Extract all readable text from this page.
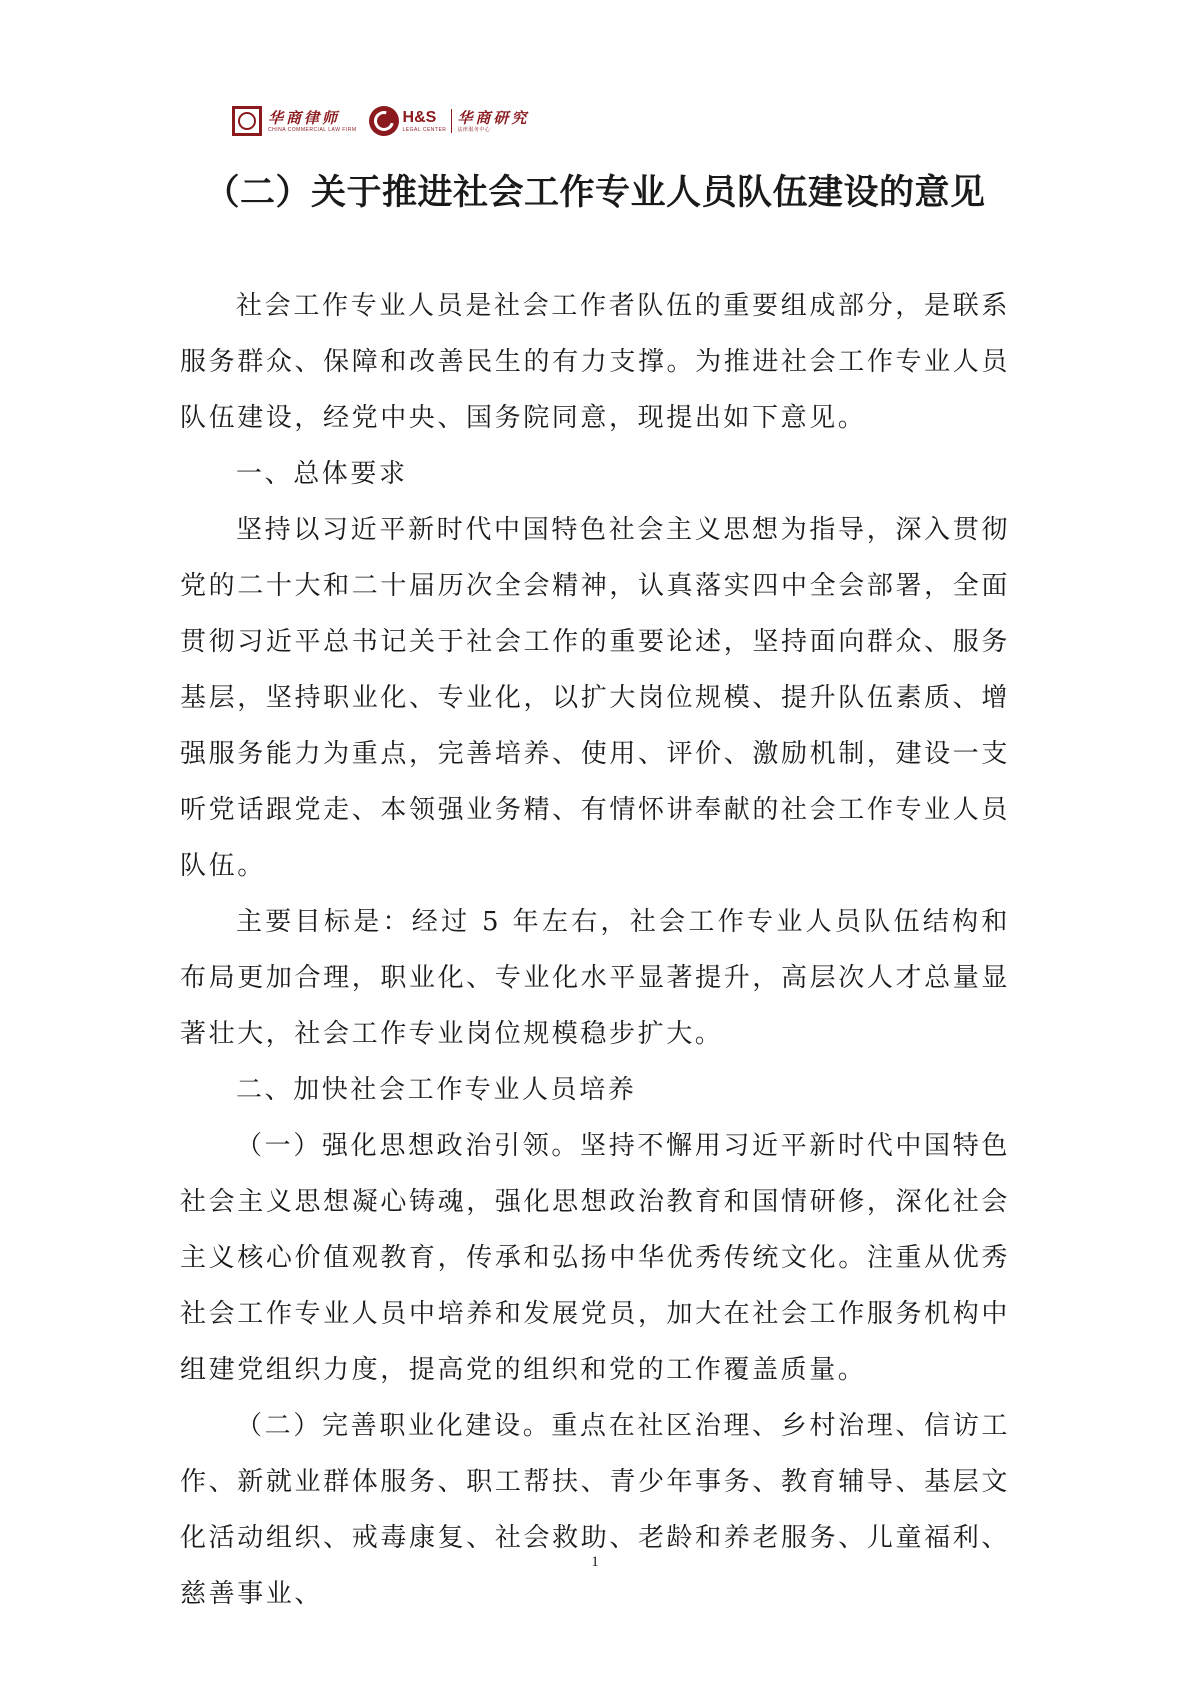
华商律师
CHINA COMMERCIAL LAW FIRM
H&S
LEGAL CENTER
华商研究
法律服务中心
（二）关于推进社会工作专业人员队伍建设的意见

社会工作专业人员是社会工作者队伍的重要组成部分，是联系服务群众、保障和改善民生的有力支撑。为推进社会工作专业人员队伍建设，经党中央、国务院同意，现提出如下意见。

一、总体要求

坚持以习近平新时代中国特色社会主义思想为指导，深入贯彻党的二十大和二十届历次全会精神，认真落实四中全会部署，全面贯彻习近平总书记关于社会工作的重要论述，坚持面向群众、服务基层，坚持职业化、专业化，以扩大岗位规模、提升队伍素质、增强服务能力为重点，完善培养、使用、评价、激励机制，建设一支听党话跟党走、本领强业务精、有情怀讲奉献的社会工作专业人员队伍。

主要目标是：经过 5 年左右，社会工作专业人员队伍结构和布局更加合理，职业化、专业化水平显著提升，高层次人才总量显著壮大，社会工作专业岗位规模稳步扩大。

二、加快社会工作专业人员培养

（一）强化思想政治引领。坚持不懈用习近平新时代中国特色社会主义思想凝心铸魂，强化思想政治教育和国情研修，深化社会主义核心价值观教育，传承和弘扬中华优秀传统文化。注重从优秀社会工作专业人员中培养和发展党员，加大在社会工作服务机构中组建党组织力度，提高党的组织和党的工作覆盖质量。

（二）完善职业化建设。重点在社区治理、乡村治理、信访工作、新就业群体服务、职工帮扶、青少年事务、教育辅导、基层文化活动组织、戒毒康复、社会救助、老龄和养老服务、儿童福利、慈善事业、

1
